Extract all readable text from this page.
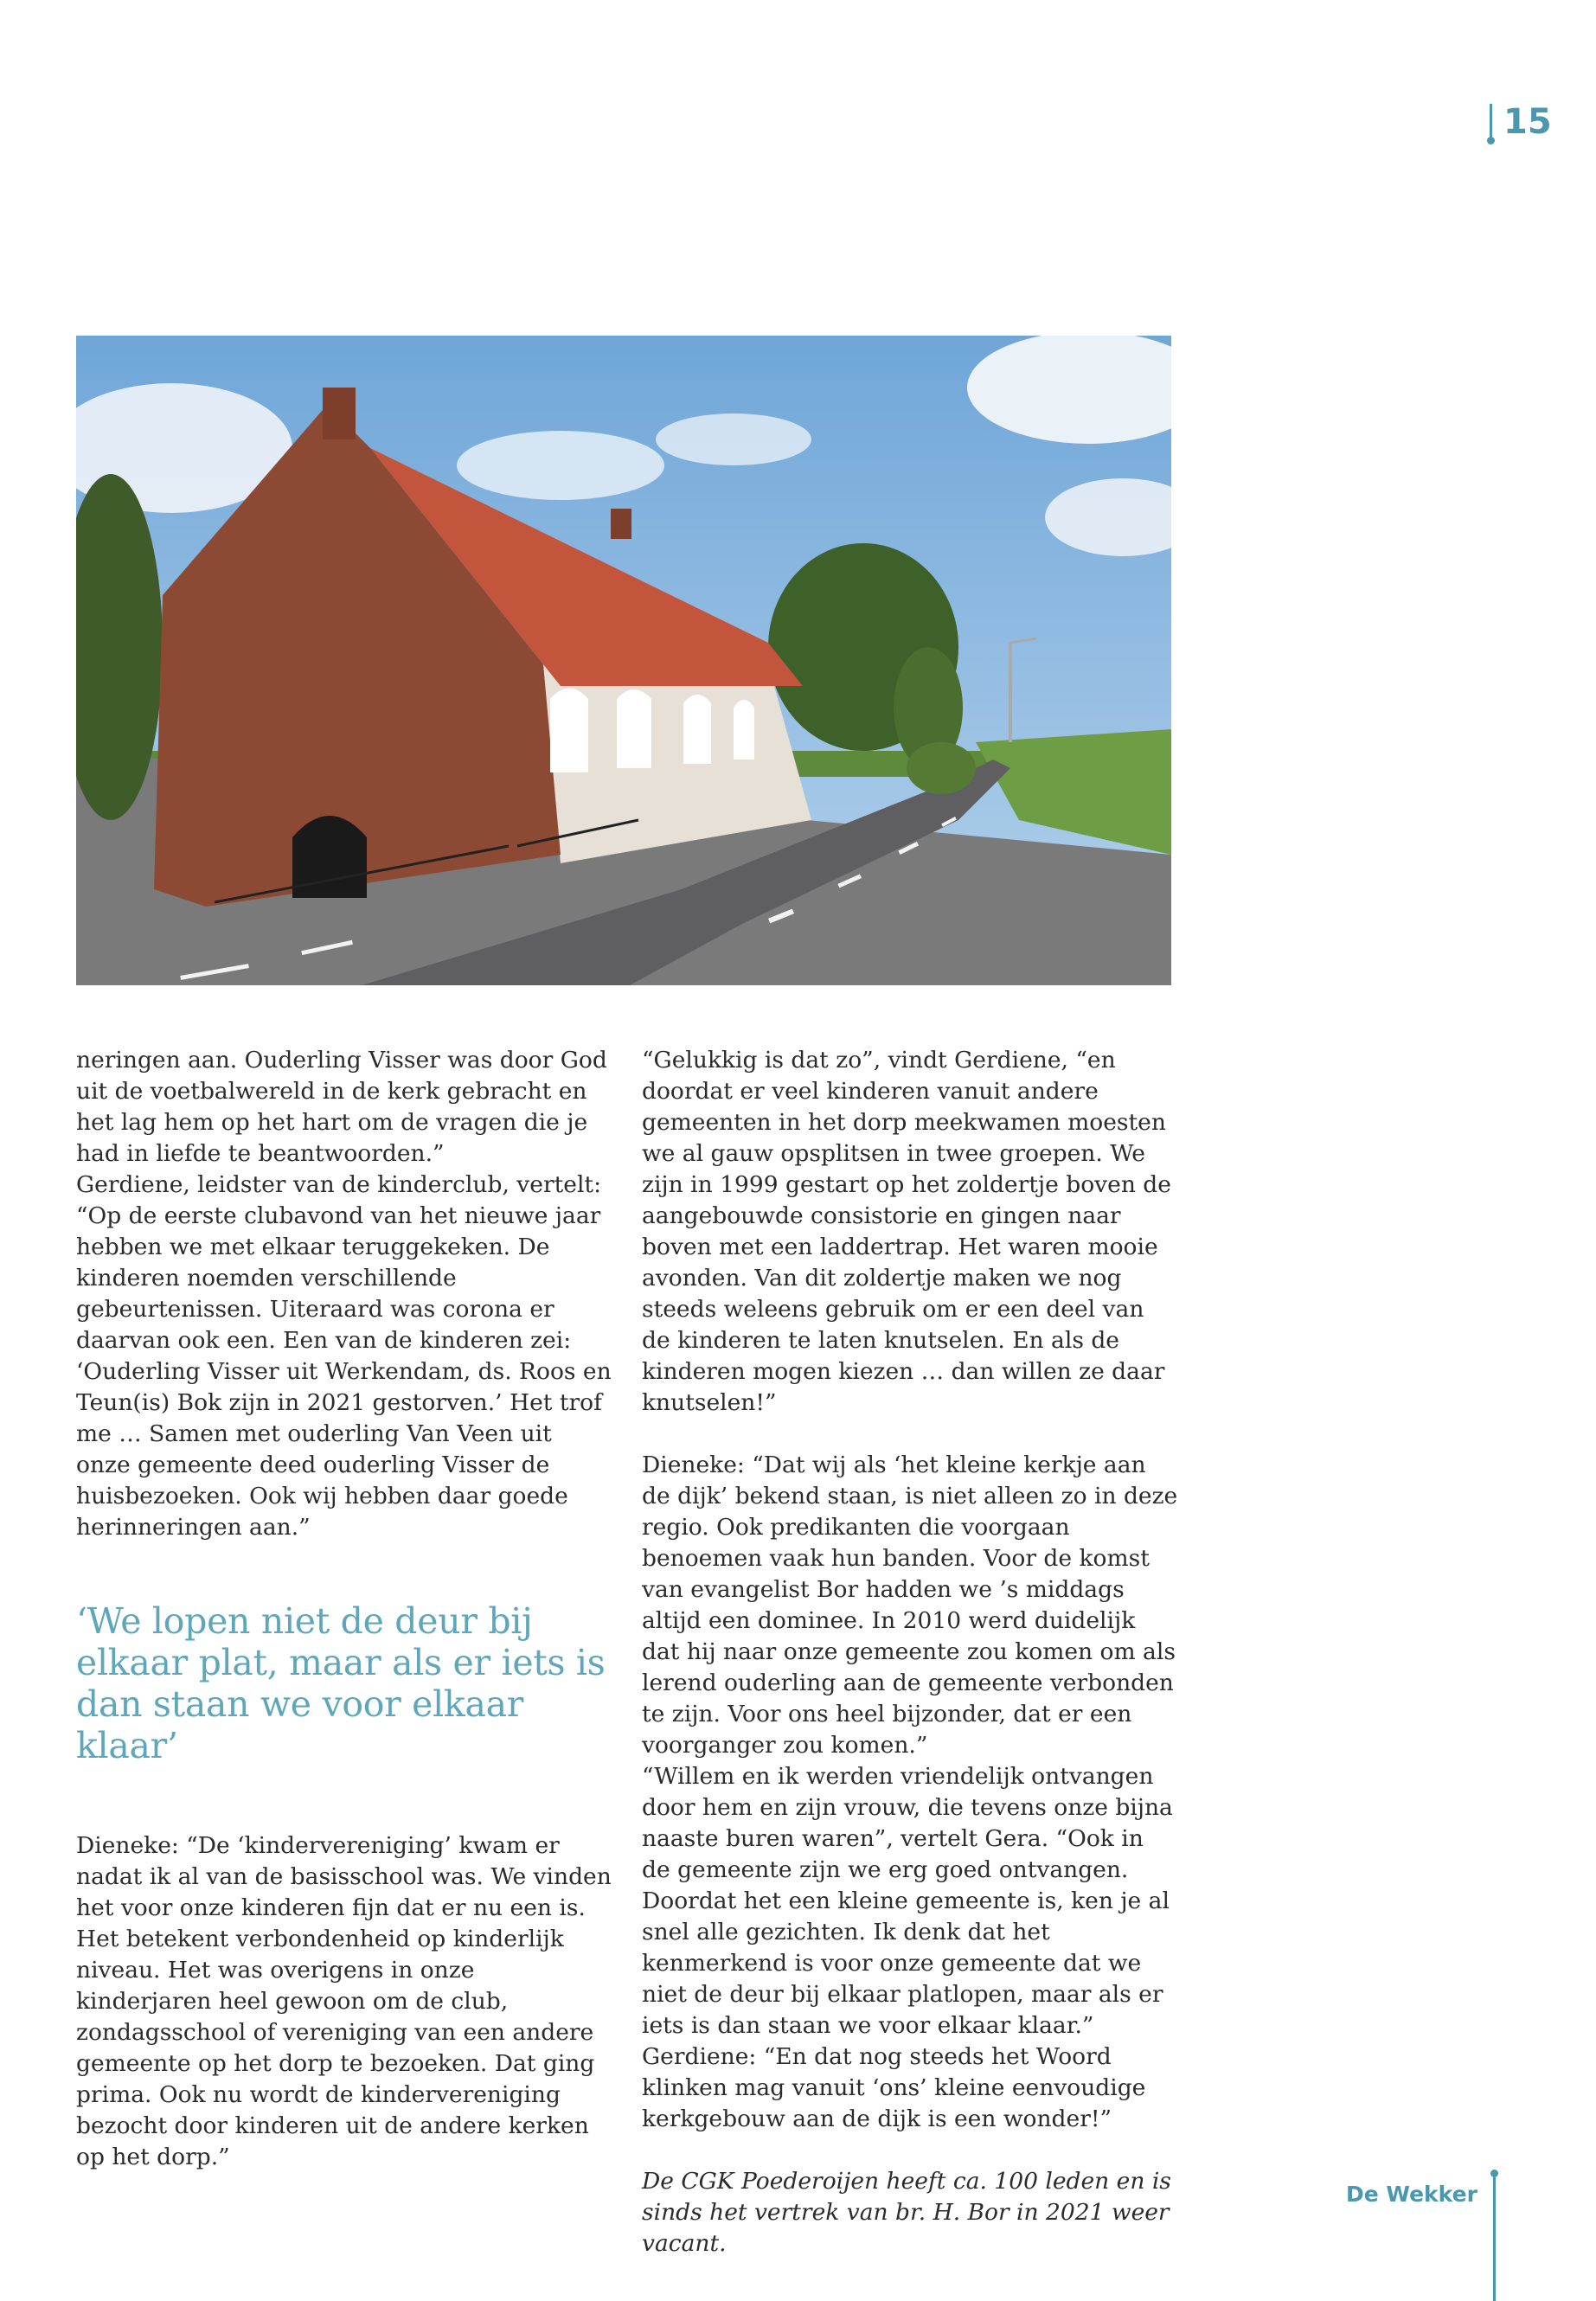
15

neringen aan. Ouderling Visser was door God uit de voetbalwereld in de kerk gebracht en het lag hem op het hart om de vragen die je had in liefde te beantwoorden.”

Gerdiene, leidster van de kinderclub, vertelt: “Op de eerste clubavond van het nieuwe jaar hebben we met elkaar teruggekeken. De kinderen noemden verschillende gebeurtenissen. Uiteraard was corona er daarvan ook een. Een van de kinderen zei: ‘Ouderling Visser uit Werkendam, ds. Roos en Teun(is) Bok zijn in 2021 gestorven.’ Het trof me … Samen met ouderling Van Veen uit onze gemeente deed ouderling Visser de huisbezoeken. Ook wij hebben daar goede herinneringen aan.”

‘We lopen niet de deur bij elkaar plat, maar als er iets is dan staan we voor elkaar klaar’

Dieneke: “De ‘kindervereniging’ kwam er nadat ik al van de basisschool was. We vinden het voor onze kinderen fijn dat er nu een is. Het betekent verbondenheid op kinderlijk niveau. Het was overigens in onze kinderjaren heel gewoon om de club, zondagsschool of vereniging van een andere gemeente op het dorp te bezoeken. Dat ging prima. Ook nu wordt de kindervereniging bezocht door kinderen uit de andere kerken op het dorp.”

“Gelukkig is dat zo”, vindt Gerdiene, “en doordat er veel kinderen vanuit andere gemeenten in het dorp meekwamen moesten we al gauw opsplitsen in twee groepen. We zijn in 1999 gestart op het zoldertje boven de aangebouwde consistorie en gingen naar boven met een laddertrap. Het waren mooie avonden. Van dit zoldertje maken we nog steeds weleens gebruik om er een deel van de kinderen te laten knutselen. En als de kinderen mogen kiezen … dan willen ze daar knutselen!”

Dieneke: “Dat wij als ‘het kleine kerkje aan de dijk’ bekend staan, is niet alleen zo in deze regio. Ook predikanten die voorgaan benoemen vaak hun banden. Voor de komst van evangelist Bor hadden we ’s middags altijd een dominee. In 2010 werd duidelijk dat hij naar onze gemeente zou komen om als lerend ouderling aan de gemeente verbonden te zijn. Voor ons heel bijzonder, dat er een voorganger zou komen.”

“Willem en ik werden vriendelijk ontvangen door hem en zijn vrouw, die tevens onze bijna naaste buren waren”, vertelt Gera. “Ook in de gemeente zijn we erg goed ontvangen. Doordat het een kleine gemeente is, ken je al snel alle gezichten. Ik denk dat het kenmerkend is voor onze gemeente dat we niet de deur bij elkaar platlopen, maar als er iets is dan staan we voor elkaar klaar.”

Gerdiene: “En dat nog steeds het Woord klinken mag vanuit ‘ons’ kleine eenvoudige kerkgebouw aan de dijk is een wonder!”

De CGK Poederoijen heeft ca. 100 leden en is sinds het vertrek van br. H. Bor in 2021 weer vacant.

De Wekker
